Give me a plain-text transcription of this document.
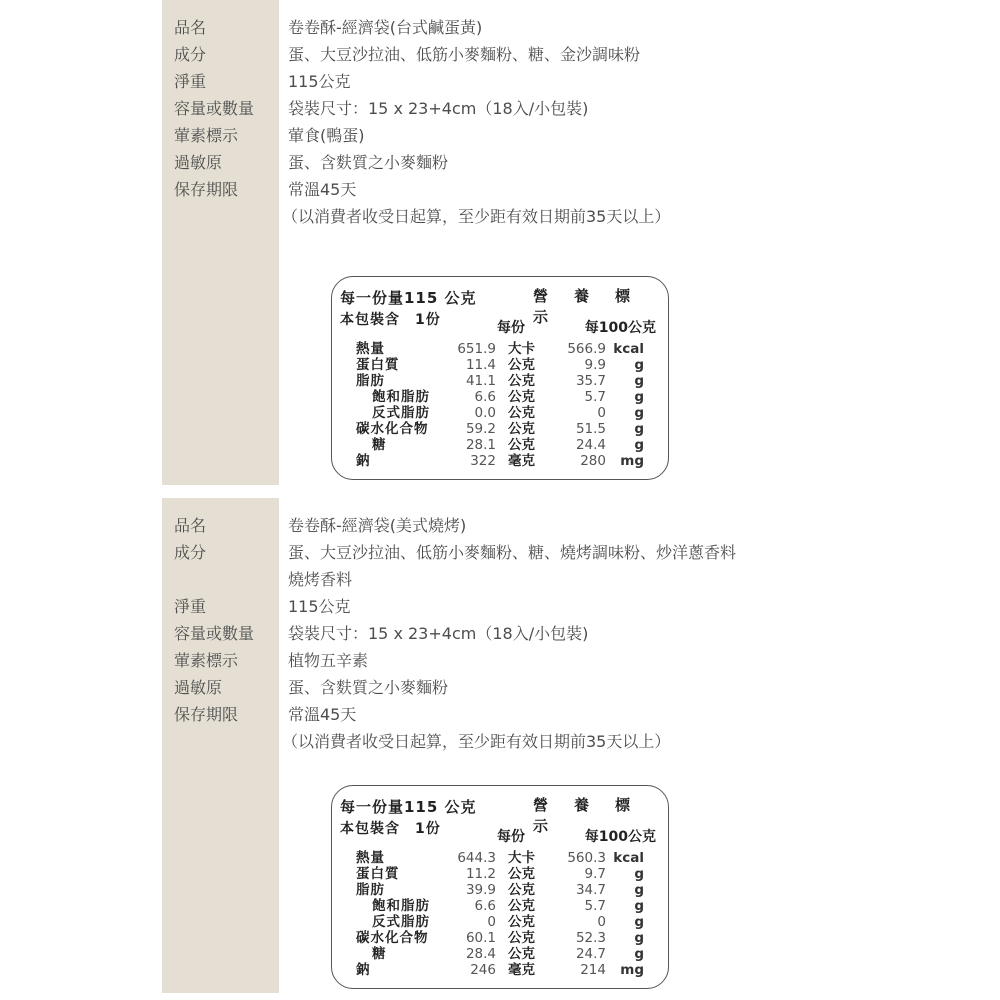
品名	卷卷酥-經濟袋(台式鹹蛋黃)
成分	蛋、大豆沙拉油、低筋小麥麵粉、糖、金沙調味粉
淨重	115公克
容量或數量 袋裝尺寸：15 x 23+4cm（18入/小包裝)
葷素標示	葷食(鴨蛋)
過敏原	蛋、含麩質之小麥麵粉
保存期限	常溫45天
（以消費者收受日起算，至少距有效日期前35天以上）
每一份量115 公克
本包裝含　1份
營 養 標示
每份	每100公克
熱量	651.9 大卡 566.9 kcal
蛋白質	11.4 公克	9.9 g
脂肪	41.1 公克	35.7 g
飽和脂肪	6.6 公克	5.7 g
反式脂肪	0.0 公克	0 g
碳水化合物	59.2 公克	51.5 g
糖	28.1 公克	24.4 g
鈉	322 毫克	280 mg
品名	卷卷酥-經濟袋(美式燒烤)
成分	蛋、大豆沙拉油、低筋小麥麵粉、糖、燒烤調味粉、炒洋蔥香料
燒烤香料
淨重	115公克
容量或數量 袋裝尺寸：15 x 23+4cm（18入/小包裝)
葷素標示	植物五辛素
過敏原	蛋、含麩質之小麥麵粉
保存期限	常溫45天
（以消費者收受日起算，至少距有效日期前35天以上）
每一份量115 公克
本包裝含　1份
營 養 標示
每份	每100公克
熱量	644.3 大卡 560.3 kcal
蛋白質	11.2 公克	9.7 g
脂肪	39.9 公克	34.7 g
飽和脂肪	6.6 公克	5.7 g
反式脂肪	0 公克	0 g
碳水化合物	60.1 公克	52.3 g
糖	28.4 公克	24.7 g
鈉	246 毫克	214 mg
